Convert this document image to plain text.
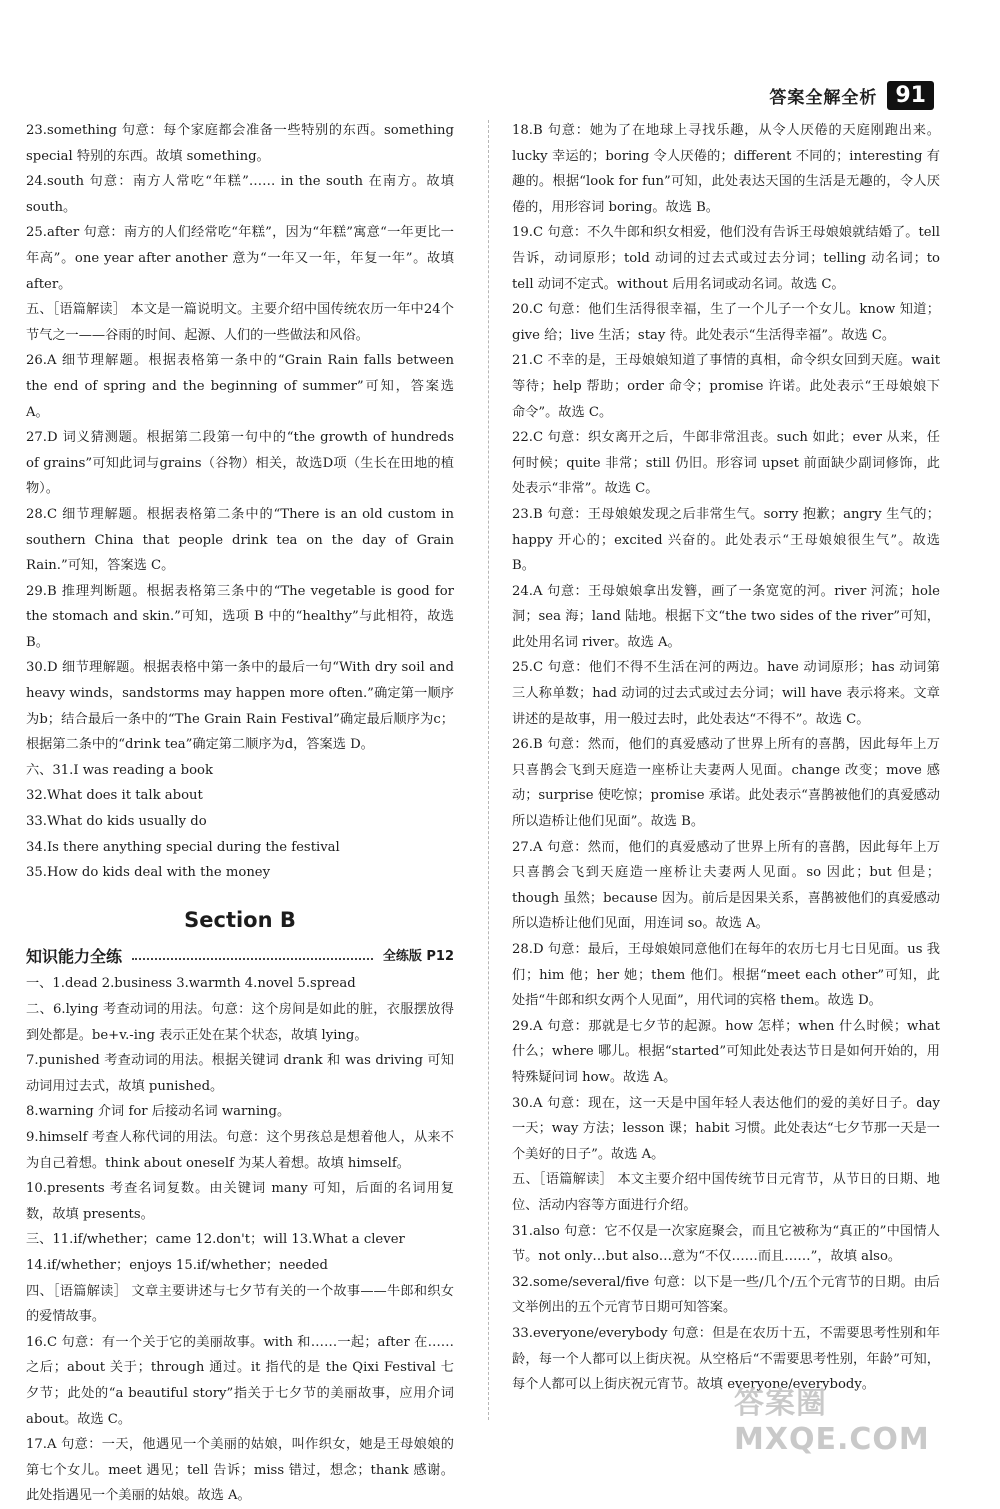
答案全解全析 91

23.something 句意：每个家庭都会准备一些特别的东西。something special 特别的东西。故填 something。

24.south 句意：南方人常吃“年糕”…… in the south 在南方。故填 south。

25.after 句意：南方的人们经常吃“年糕”，因为“年糕”寓意“一年更比一年高”。one year after another 意为“一年又一年，年复一年”。故填 after。

五、［语篇解读］ 本文是一篇说明文。主要介绍中国传统农历一年中24个节气之一——谷雨的时间、起源、人们的一些做法和风俗。

26.A 细节理解题。根据表格第一条中的“Grain Rain falls between the end of spring and the beginning of summer”可知，答案选 A。

27.D 词义猜测题。根据第二段第一句中的“the growth of hundreds of grains”可知此词与grains（谷物）相关，故选D项（生长在田地的植物）。

28.C 细节理解题。根据表格第二条中的“There is an old custom in southern China that people drink tea on the day of Grain Rain.”可知，答案选 C。

29.B 推理判断题。根据表格第三条中的“The vegetable is good for the stomach and skin.”可知，选项 B 中的“healthy”与此相符，故选 B。

30.D 细节理解题。根据表格中第一条中的最后一句“With dry soil and heavy winds，sandstorms may happen more often.”确定第一顺序为b；结合最后一条中的“The Grain Rain Festival”确定最后顺序为c；根据第二条中的“drink tea”确定第二顺序为d，答案选 D。

六、31.I was reading a book

32.What does it talk about

33.What do kids usually do

34.Is there anything special during the festival

35.How do kids deal with the money

Section B
知识能力全练	全练版 P12

一、1.dead 2.business 3.warmth 4.novel 5.spread

二、6.lying 考查动词的用法。句意：这个房间是如此的脏，衣服摆放得到处都是。be+v.-ing 表示正处在某个状态，故填 lying。

7.punished 考查动词的用法。根据关键词 drank 和 was driving 可知动词用过去式，故填 punished。

8.warning 介词 for 后接动名词 warning。

9.himself 考查人称代词的用法。句意：这个男孩总是想着他人，从来不为自己着想。think about oneself 为某人着想。故填 himself。

10.presents 考查名词复数。由关键词 many 可知，后面的名词用复数，故填 presents。

三、11.if/whether；came 12.don't；will 13.What a clever

14.if/whether；enjoys 15.if/whether；needed

四、［语篇解读］ 文章主要讲述与七夕节有关的一个故事——牛郎和织女的爱情故事。

16.C 句意：有一个关于它的美丽故事。with 和……一起；after 在……之后；about 关于；through 通过。it 指代的是 the Qixi Festival 七夕节；此处的“a beautiful story”指关于七夕节的美丽故事，应用介词 about。故选 C。

17.A 句意：一天，他遇见一个美丽的姑娘，叫作织女，她是王母娘娘的第七个女儿。meet 遇见；tell 告诉；miss 错过，想念；thank 感谢。此处指遇见一个美丽的姑娘。故选 A。

18.B 句意：她为了在地球上寻找乐趣，从令人厌倦的天庭刚跑出来。lucky 幸运的；boring 令人厌倦的；different 不同的；interesting 有趣的。根据“look for fun”可知，此处表达天国的生活是无趣的，令人厌倦的，用形容词 boring。故选 B。

19.C 句意：不久牛郎和织女相爱，他们没有告诉王母娘娘就结婚了。tell 告诉，动词原形；told 动词的过去式或过去分词；telling 动名词；to tell 动词不定式。without 后用名词或动名词。故选 C。

20.C 句意：他们生活得很幸福，生了一个儿子一个女儿。know 知道；give 给；live 生活；stay 待。此处表示“生活得幸福”。故选 C。

21.C 不幸的是，王母娘娘知道了事情的真相，命令织女回到天庭。wait 等待；help 帮助；order 命令；promise 许诺。此处表示“王母娘娘下命令”。故选 C。

22.C 句意：织女离开之后，牛郎非常沮丧。such 如此；ever 从来，任何时候；quite 非常；still 仍旧。形容词 upset 前面缺少副词修饰，此处表示“非常”。故选 C。

23.B 句意：王母娘娘发现之后非常生气。sorry 抱歉；angry 生气的；happy 开心的；excited 兴奋的。此处表示“王母娘娘很生气”。故选 B。

24.A 句意：王母娘娘拿出发簪，画了一条宽宽的河。river 河流；hole 洞；sea 海；land 陆地。根据下文“the two sides of the river”可知，此处用名词 river。故选 A。

25.C 句意：他们不得不生活在河的两边。have 动词原形；has 动词第三人称单数；had 动词的过去式或过去分词；will have 表示将来。文章讲述的是故事，用一般过去时，此处表达“不得不”。故选 C。

26.B 句意：然而，他们的真爱感动了世界上所有的喜鹊，因此每年上万只喜鹊会飞到天庭造一座桥让夫妻两人见面。change 改变；move 感动；surprise 使吃惊；promise 承诺。此处表示“喜鹊被他们的真爱感动所以造桥让他们见面”。故选 B。

27.A 句意：然而，他们的真爱感动了世界上所有的喜鹊，因此每年上万只喜鹊会飞到天庭造一座桥让夫妻两人见面。so 因此；but 但是；though 虽然；because 因为。前后是因果关系，喜鹊被他们的真爱感动所以造桥让他们见面，用连词 so。故选 A。

28.D 句意：最后，王母娘娘同意他们在每年的农历七月七日见面。us 我们；him 他；her 她；them 他们。根据“meet each other”可知，此处指“牛郎和织女两个人见面”，用代词的宾格 them。故选 D。

29.A 句意：那就是七夕节的起源。how 怎样；when 什么时候；what 什么；where 哪儿。根据“started”可知此处表达节日是如何开始的，用特殊疑问词 how。故选 A。

30.A 句意：现在，这一天是中国年轻人表达他们的爱的美好日子。day 一天；way 方法；lesson 课；habit 习惯。此处表达“七夕节那一天是一个美好的日子”。故选 A。

五、［语篇解读］ 本文主要介绍中国传统节日元宵节，从节日的日期、地位、活动内容等方面进行介绍。

31.also 句意：它不仅是一次家庭聚会，而且它被称为“真正的”中国情人节。not only…but also…意为“不仅……而且……”，故填 also。

32.some/several/five 句意：以下是一些/几个/五个元宵节的日期。由后文举例出的五个元宵节日期可知答案。

33.everyone/everybody 句意：但是在农历十五，不需要思考性别和年龄，每一个人都可以上街庆祝。从空格后“不需要思考性别，年龄”可知，每个人都可以上街庆祝元宵节。故填 everyone/everybody。

答案圈 MXQE.COM
